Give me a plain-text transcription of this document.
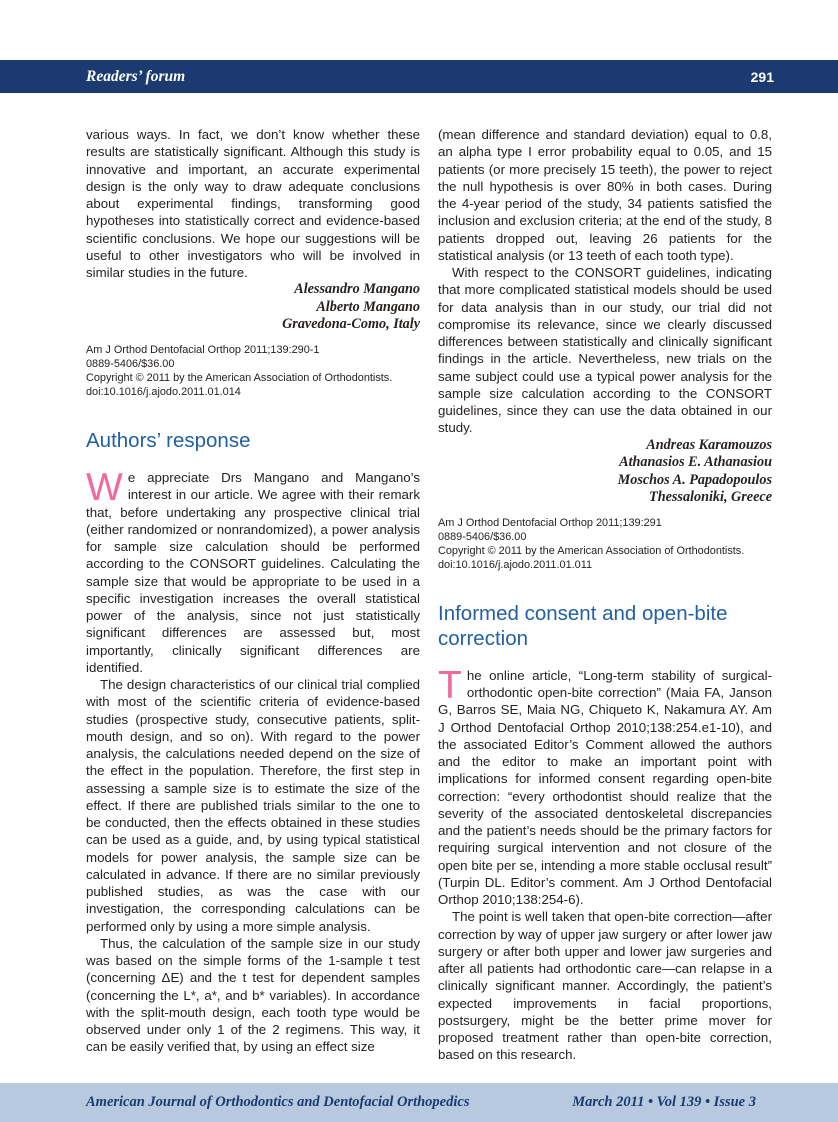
Readers’ forum	291

various ways. In fact, we don’t know whether these results are statistically significant. Although this study is innovative and important, an accurate experimental design is the only way to draw adequate conclusions about experimental findings, transforming good hypotheses into statistically correct and evidence-based scientific conclusions. We hope our suggestions will be useful to other investigators who will be involved in similar studies in the future.

Alessandro Mangano
Alberto Mangano
Gravedona-Como, Italy
Am J Orthod Dentofacial Orthop 2011;139:290-1
0889-5406/$36.00
Copyright © 2011 by the American Association of Orthodontists.
doi:10.1016/j.ajodo.2011.01.014
Authors’ response

We appreciate Drs Mangano and Mangano’s interest in our article. We agree with their remark that, before undertaking any prospective clinical trial (either randomized or nonrandomized), a power analysis for sample size calculation should be performed according to the CONSORT guidelines. Calculating the sample size that would be appropriate to be used in a specific investigation increases the overall statistical power of the analysis, since not just statistically significant differences are assessed but, most importantly, clinically significant differences are identified.

The design characteristics of our clinical trial complied with most of the scientific criteria of evidence-based studies (prospective study, consecutive patients, split-mouth design, and so on). With regard to the power analysis, the calculations needed depend on the size of the effect in the population. Therefore, the first step in assessing a sample size is to estimate the size of the effect. If there are published trials similar to the one to be conducted, then the effects obtained in these studies can be used as a guide, and, by using typical statistical models for power analysis, the sample size can be calculated in advance. If there are no similar previously published studies, as was the case with our investigation, the corresponding calculations can be performed only by using a more simple analysis.

Thus, the calculation of the sample size in our study was based on the simple forms of the 1-sample t test (concerning ΔE) and the t test for dependent samples (concerning the L*, a*, and b* variables). In accordance with the split-mouth design, each tooth type would be observed under only 1 of the 2 regimens. This way, it can be easily verified that, by using an effect size

(mean difference and standard deviation) equal to 0.8, an alpha type I error probability equal to 0.05, and 15 patients (or more precisely 15 teeth), the power to reject the null hypothesis is over 80% in both cases. During the 4-year period of the study, 34 patients satisfied the inclusion and exclusion criteria; at the end of the study, 8 patients dropped out, leaving 26 patients for the statistical analysis (or 13 teeth of each tooth type).

With respect to the CONSORT guidelines, indicating that more complicated statistical models should be used for data analysis than in our study, our trial did not compromise its relevance, since we clearly discussed differences between statistically and clinically significant findings in the article. Nevertheless, new trials on the same subject could use a typical power analysis for the sample size calculation according to the CONSORT guidelines, since they can use the data obtained in our study.

Andreas Karamouzos
Athanasios E. Athanasiou
Moschos A. Papadopoulos
Thessaloniki, Greece
Am J Orthod Dentofacial Orthop 2011;139:291
0889-5406/$36.00
Copyright © 2011 by the American Association of Orthodontists.
doi:10.1016/j.ajodo.2011.01.011
Informed consent and open-bite correction

The online article, “Long-term stability of surgical-orthodontic open-bite correction” (Maia FA, Janson G, Barros SE, Maia NG, Chiqueto K, Nakamura AY. Am J Orthod Dentofacial Orthop 2010;138:254.e1-10), and the associated Editor’s Comment allowed the authors and the editor to make an important point with implications for informed consent regarding open-bite correction: “every orthodontist should realize that the severity of the associated dentoskeletal discrepancies and the patient’s needs should be the primary factors for requiring surgical intervention and not closure of the open bite per se, intending a more stable occlusal result” (Turpin DL. Editor’s comment. Am J Orthod Dentofacial Orthop 2010;138:254-6).

The point is well taken that open-bite correction—after correction by way of upper jaw surgery or after lower jaw surgery or after both upper and lower jaw surgeries and after all patients had orthodontic care—can relapse in a clinically significant manner. Accordingly, the patient’s expected improvements in facial proportions, postsurgery, might be the better prime mover for proposed treatment rather than open-bite correction, based on this research.

American Journal of Orthodontics and Dentofacial Orthopedics	March 2011 • Vol 139 • Issue 3
